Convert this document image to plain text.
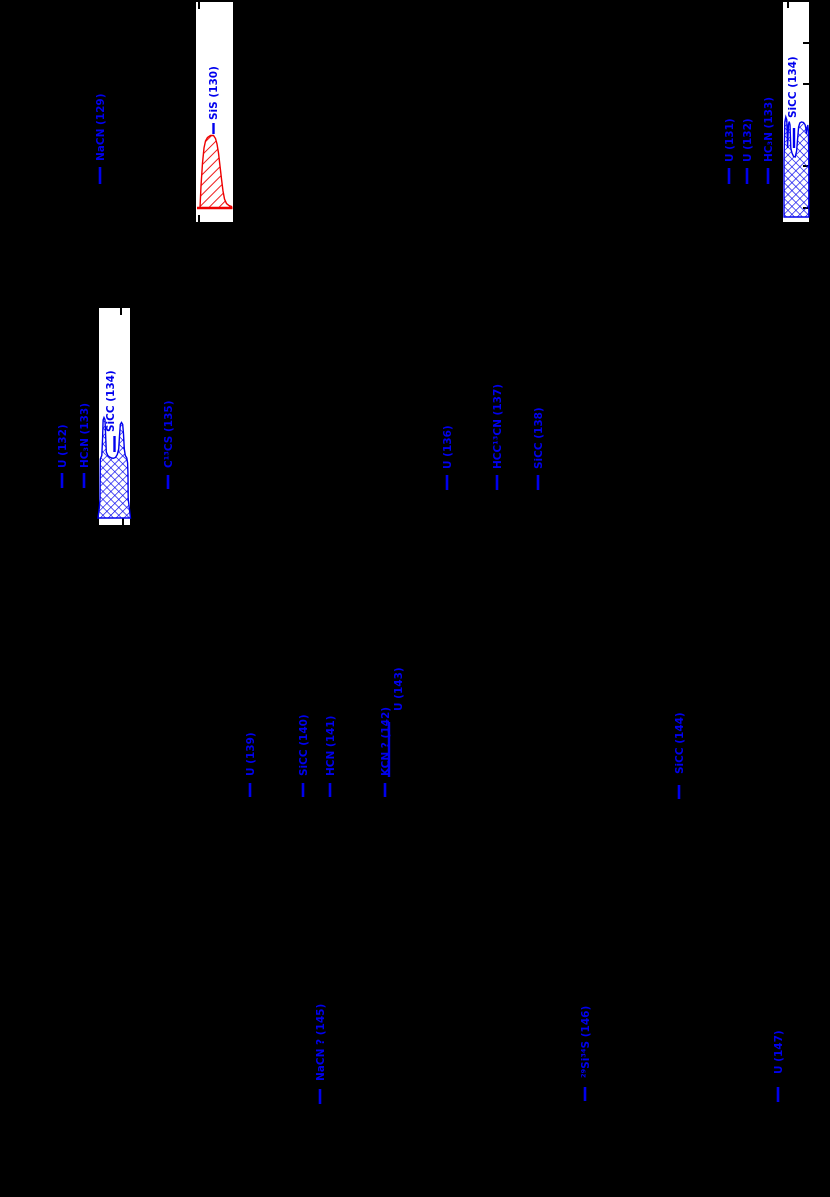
SiS (130)	SiCC (134)
SiCC (134)
NaCN (129)	U (131) U (132) HC₃N (133)
U (132) HC₃N (133)	C¹³CS (135)	U (136)	HCC¹³CN (137)	SiCC (138)
U (139)	SiCC (140) HCN (141)	KCN ? (142)
U (143)
SiCC (144)
NaCN ? (145)	²⁹Si³⁴S (146)	U (147)
